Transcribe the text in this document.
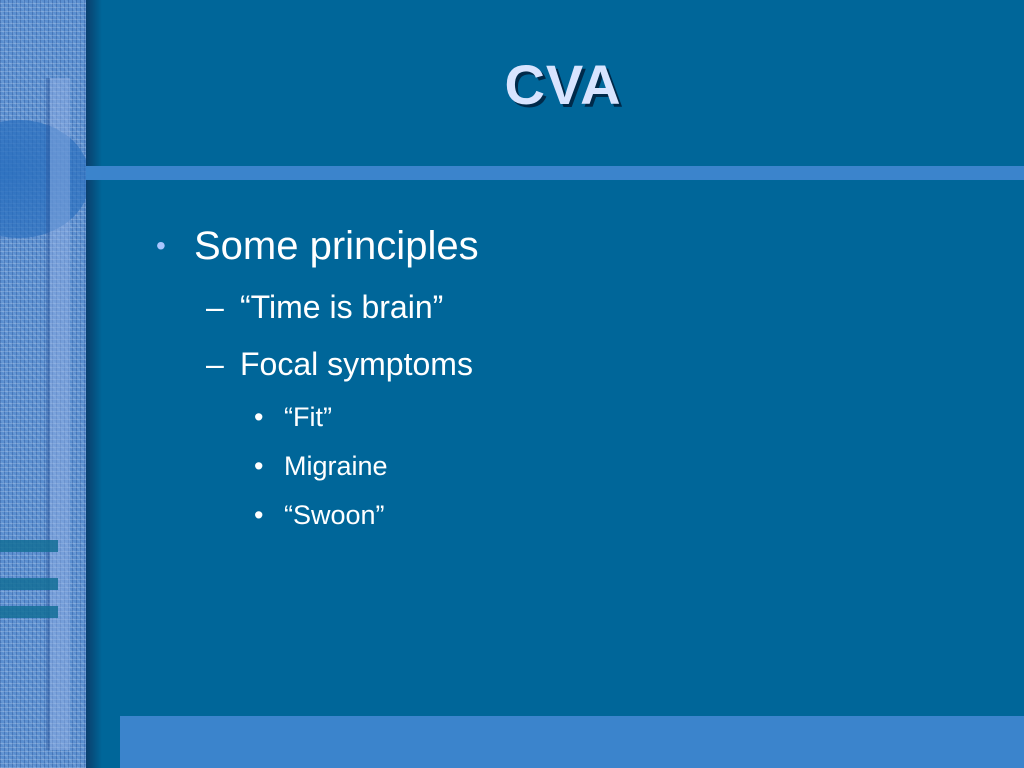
CVA
• Some principles
– “Time is brain”
– Focal symptoms
• “Fit”
• Migraine
• “Swoon”
